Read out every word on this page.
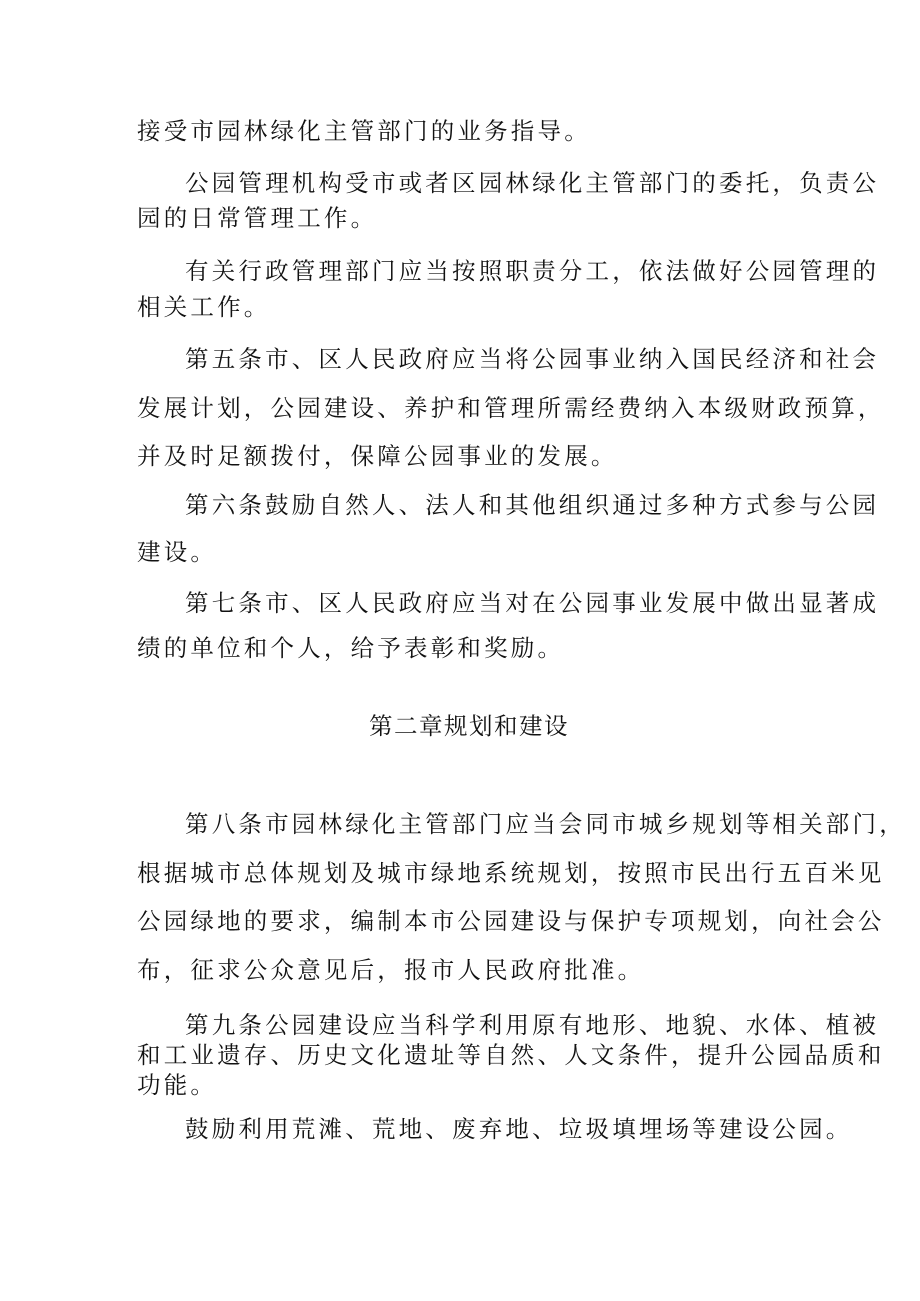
接受市园林绿化主管部门的业务指导。
公园管理机构受市或者区园林绿化主管部门的委托，负责公
园的日常管理工作。
有关行政管理部门应当按照职责分工，依法做好公园管理的
相关工作。
第五条市、区人民政府应当将公园事业纳入国民经济和社会
发展计划，公园建设、养护和管理所需经费纳入本级财政预算，
并及时足额拨付，保障公园事业的发展。
第六条鼓励自然人、法人和其他组织通过多种方式参与公园
建设。
第七条市、区人民政府应当对在公园事业发展中做出显著成
绩的单位和个人，给予表彰和奖励。
第二章规划和建设
第八条市园林绿化主管部门应当会同市城乡规划等相关部门，
根据城市总体规划及城市绿地系统规划，按照市民出行五百米见
公园绿地的要求，编制本市公园建设与保护专项规划，向社会公
布，征求公众意见后，报市人民政府批准。
第九条公园建设应当科学利用原有地形、地貌、水体、植被
和工业遗存、历史文化遗址等自然、人文条件，提升公园品质和
功能。
鼓励利用荒滩、荒地、废弃地、垃圾填埋场等建设公园。
